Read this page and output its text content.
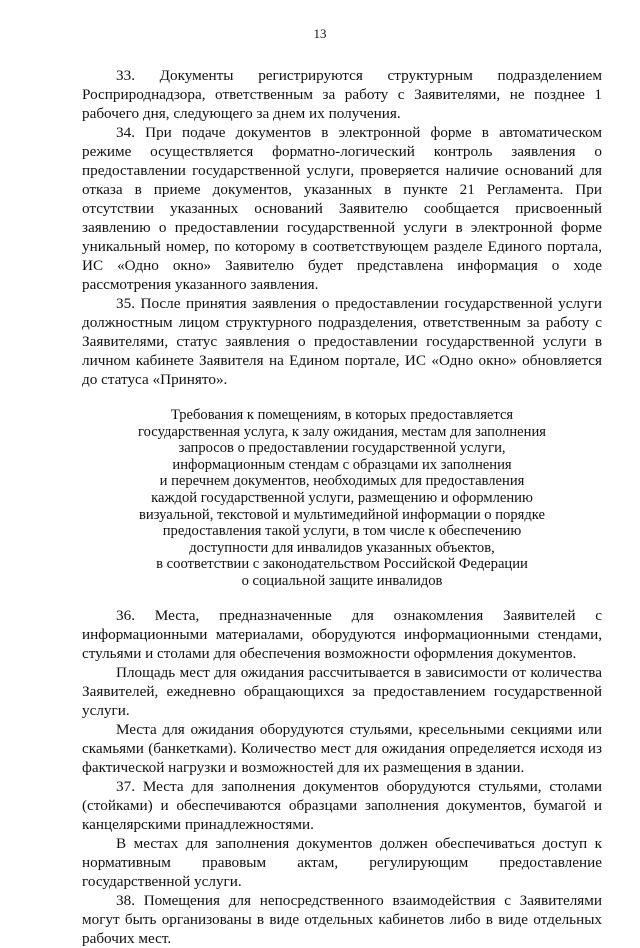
13

33. Документы регистрируются структурным подразделением Росприроднадзора, ответственным за работу с Заявителями, не позднее 1 рабочего дня, следующего за днем их получения.

34. При подаче документов в электронной форме в автоматическом режиме осуществляется форматно-логический контроль заявления о предоставлении государственной услуги, проверяется наличие оснований для отказа в приеме документов, указанных в пункте 21 Регламента. При отсутствии указанных оснований Заявителю сообщается присвоенный заявлению о предоставлении государственной услуги в электронной форме уникальный номер, по которому в соответствующем разделе Единого портала, ИС «Одно окно» Заявителю будет представлена информация о ходе рассмотрения указанного заявления.

35. После принятия заявления о предоставлении государственной услуги должностным лицом структурного подразделения, ответственным за работу с Заявителями, статус заявления о предоставлении государственной услуги в личном кабинете Заявителя на Едином портале, ИС «Одно окно» обновляется до статуса «Принято».

Требования к помещениям, в которых предоставляется
государственная услуга, к залу ожидания, местам для заполнения
запросов о предоставлении государственной услуги,
информационным стендам с образцами их заполнения
и перечнем документов, необходимых для предоставления
каждой государственной услуги, размещению и оформлению
визуальной, текстовой и мультимедийной информации о порядке
предоставления такой услуги, в том числе к обеспечению
доступности для инвалидов указанных объектов,
в соответствии с законодательством Российской Федерации
о социальной защите инвалидов

36. Места, предназначенные для ознакомления Заявителей с информационными материалами, оборудуются информационными стендами, стульями и столами для обеспечения возможности оформления документов.

Площадь мест для ожидания рассчитывается в зависимости от количества Заявителей, ежедневно обращающихся за предоставлением государственной услуги.

Места для ожидания оборудуются стульями, кресельными секциями или скамьями (банкетками). Количество мест для ожидания определяется исходя из фактической нагрузки и возможностей для их размещения в здании.

37. Места для заполнения документов оборудуются стульями, столами (стойками) и обеспечиваются образцами заполнения документов, бумагой и канцелярскими принадлежностями.

В местах для заполнения документов должен обеспечиваться доступ к нормативным правовым актам, регулирующим предоставление государственной услуги.

38. Помещения для непосредственного взаимодействия с Заявителями могут быть организованы в виде отдельных кабинетов либо в виде отдельных рабочих мест.
